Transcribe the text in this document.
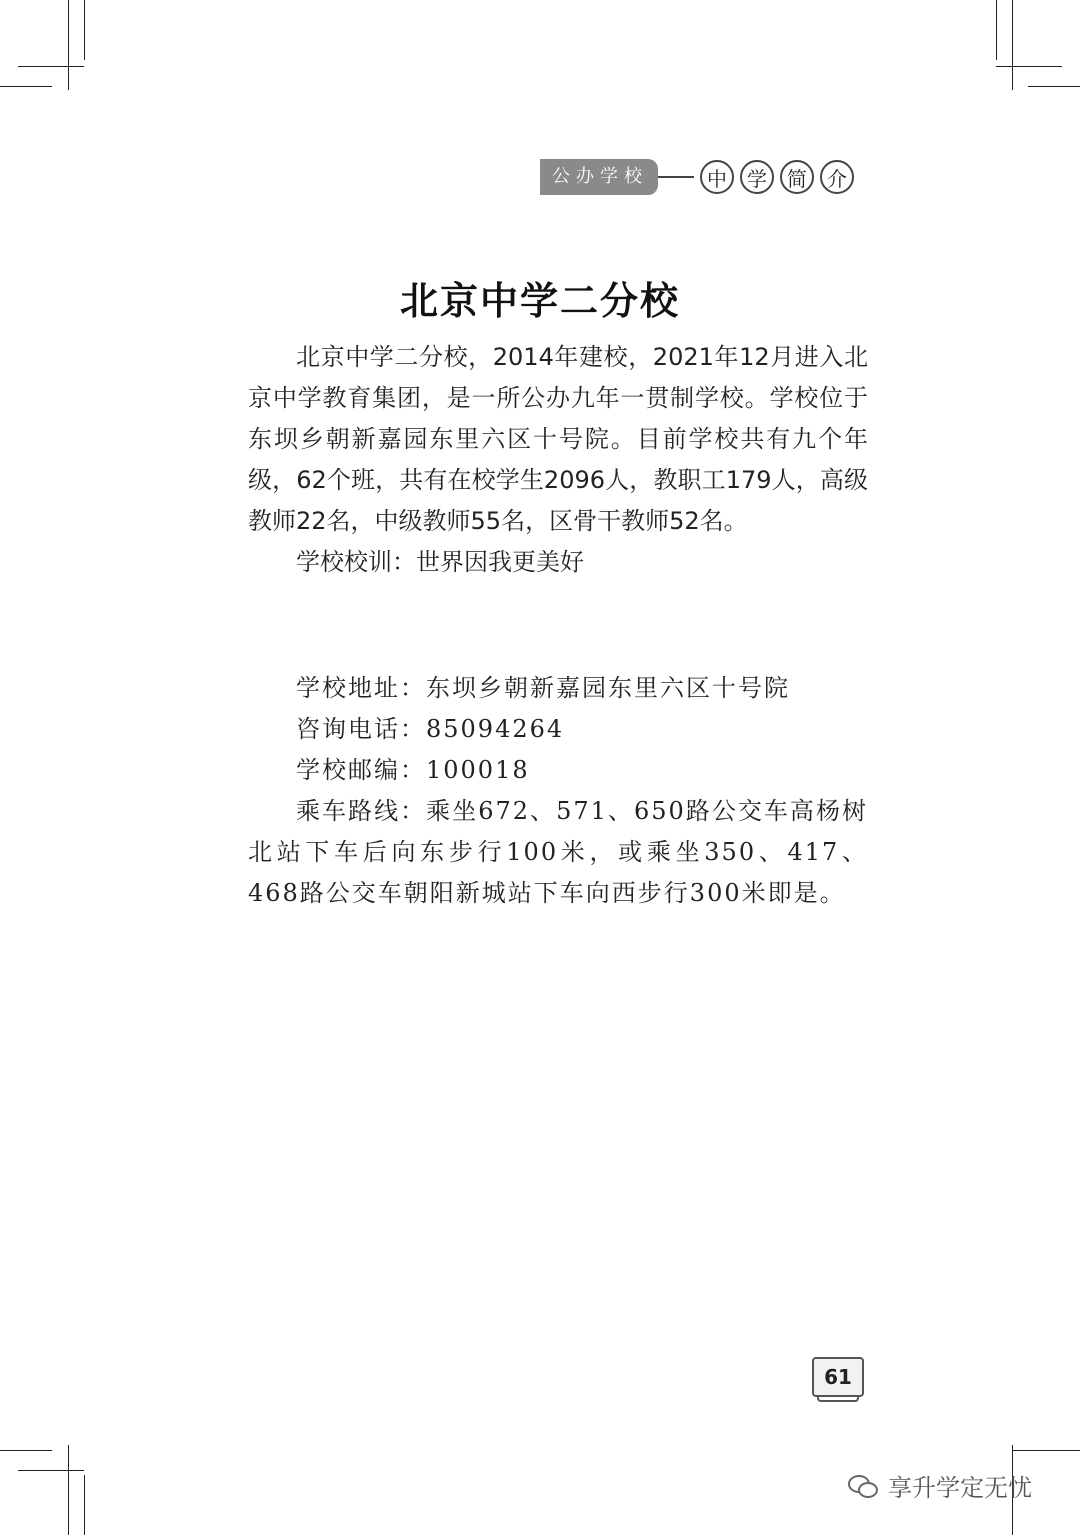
公办学校	中	学	简	介
北京中学二分校

北京中学二分校，2014年建校，2021年12月进入北京中学教育集团，是一所公办九年一贯制学校。学校位于东坝乡朝新嘉园东里六区十号院。目前学校共有九个年级，62个班，共有在校学生2096人，教职工179人，高级教师22名，中级教师55名，区骨干教师52名。

学校校训：世界因我更美好

学校地址：东坝乡朝新嘉园东里六区十号院

咨询电话：85094264

学校邮编：100018

乘车路线：乘坐672、571、650路公交车高杨树北站下车后向东步行100米，或乘坐350、417、468路公交车朝阳新城站下车向西步行300米即是。

61
享升学定无忧
